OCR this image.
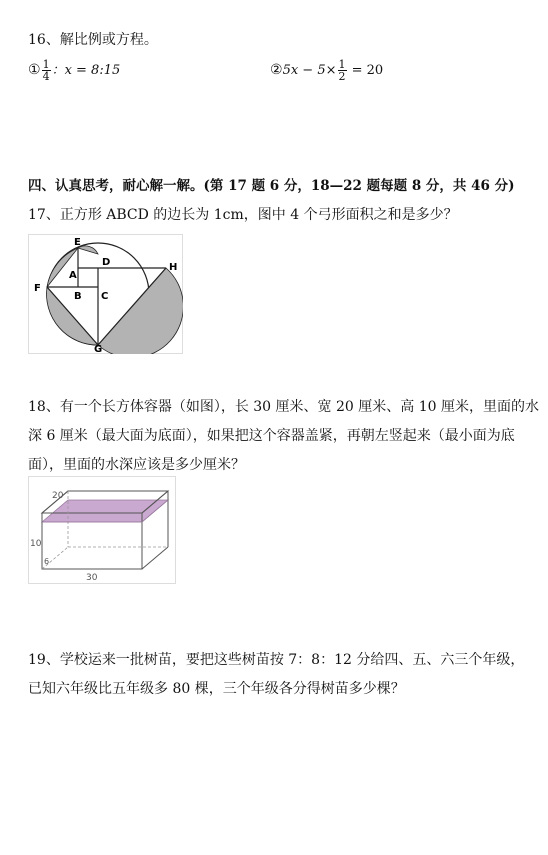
16、解比例或方程。
① $\frac{1}{4}$ ：x = 8:15	②5x − $5\times \frac{1}{2} = 20$
四、认真思考，耐心解一解。(第 17 题 6 分，18—22 题每题 8 分，共 46 分)
17、正方形 ABCD 的边长为 1cm，图中 4 个弓形面积之和是多少？
E
D	H
A
F
B C
G
18、有一个长方体容器（如图），长 30 厘米、宽 20 厘米、高 10 厘米，里面的水
深 6 厘米（最大面为底面），如果把这个容器盖紧，再朝左竖起来（最小面为底
面），里面的水深应该是多少厘米？
20
10
6
30
19、学校运来一批树苗，要把这些树苗按 7：8：12 分给四、五、六三个年级，
已知六年级比五年级多 80 棵，三个年级各分得树苗多少棵？
